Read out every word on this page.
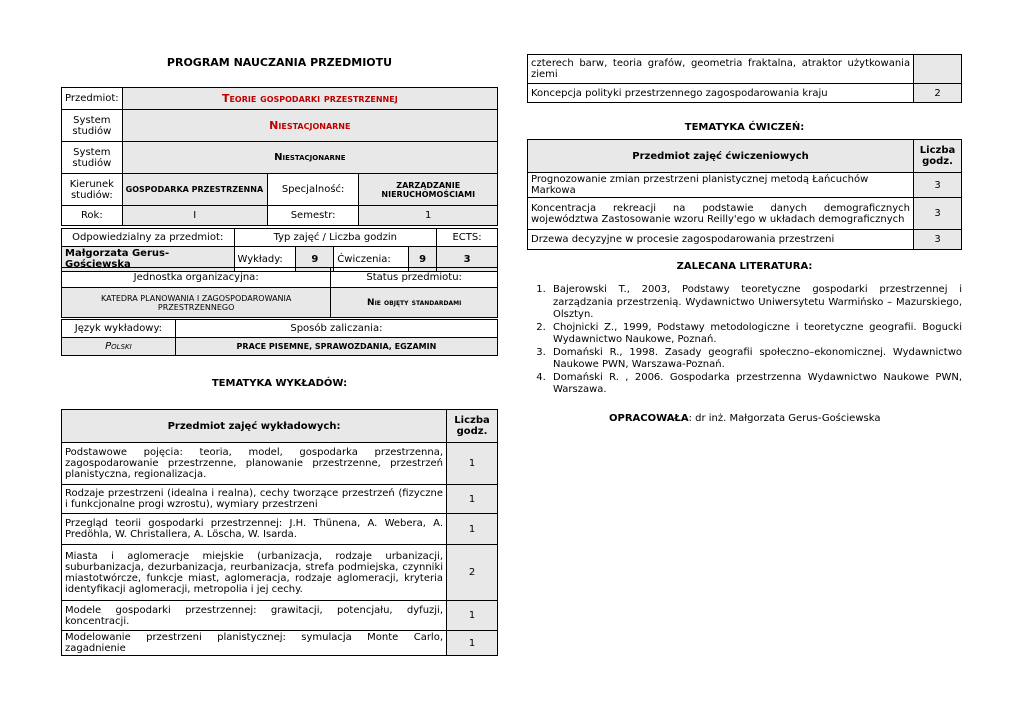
PROGRAM NAUCZANIA PRZEDMIOTU
Przedmiot:	Teorie gospodarki przestrzennej		
System studiów	Niestacjonarne		
System studiów	Niestacjonarne		
Kierunek studiów:	GOSPODARKA PRZESTRZENNA	Specjalność:	ZARZĄDZANIE NIERUCHOMOŚCIAMI
Rok:	I	Semestr:	1
Odpowiedzialny za przedmiot:	Typ zajęć / Liczba godzin				ECTS:
Małgorzata Gerus-Gościewska	Wykłady:	9	Ćwiczenia:	9	3
Jednostka organizacyjna:	Status przedmiotu:
KATEDRA PLANOWANIA I ZAGOSPODAROWANIA PRZESTRZENNEGO	Nie objęty standardami
Język wykładowy:	Sposób zaliczania:
Polski	PRACE PISEMNE, SPRAWOZDANIA, EGZAMIN
TEMATYKA WYKŁADÓW:
Przedmiot zajęć wykładowych:	Liczba godz.
Podstawowe pojęcia: teoria, model, gospodarka przestrzenna, zagospodarowanie przestrzenne, planowanie przestrzenne, przestrzeń planistyczna, regionalizacja.	1
Rodzaje przestrzeni (idealna i realna), cechy tworzące przestrzeń (fizyczne i funkcjonalne progi wzrostu), wymiary przestrzeni	1
Przegląd teorii gospodarki przestrzennej: J.H. Thünena, A. Webera, A. Predöhla, W. Christallera, A. Löscha, W. Isarda.	1
Miasta i aglomeracje miejskie (urbanizacja, rodzaje urbanizacji, suburbanizacja, dezurbanizacja, reurbanizacja, strefa podmiejska, czynniki miastotwórcze, funkcje miast, aglomeracja, rodzaje aglomeracji, kryteria identyfikacji aglomeracji, metropolia i jej cechy.	2
Modele gospodarki przestrzennej: grawitacji, potencjału, dyfuzji, koncentracji.	1
Modelowanie przestrzeni planistycznej: symulacja Monte Carlo, zagadnienie	1
czterech barw, teoria grafów, geometria fraktalna, atraktor użytkowania ziemi	
Koncepcja polityki przestrzennego zagospodarowania kraju	2
TEMATYKA ĆWICZEŃ:
Przedmiot zajęć ćwiczeniowych	Liczba godz.
Prognozowanie zmian przestrzeni planistycznej metodą Łańcuchów Markowa	3
Koncentracja rekreacji na podstawie danych demograficznych województwa Zastosowanie wzoru Reilly'ego w układach demograficznych	3
Drzewa decyzyjne w procesie zagospodarowania przestrzeni	3
ZALECANA LITERATURA:
1. Bajerowski T., 2003, Podstawy teoretyczne gospodarki przestrzennej i zarządzania przestrzenią. Wydawnictwo Uniwersytetu Warmińsko – Mazurskiego, Olsztyn.
2. Chojnicki Z., 1999, Podstawy metodologiczne i teoretyczne geografii. Bogucki Wydawnictwo Naukowe, Poznań.
3. Domański R., 1998. Zasady geografii społeczno–ekonomicznej. Wydawnictwo Naukowe PWN, Warszawa-Poznań.
4. Domański R. , 2006. Gospodarka przestrzenna Wydawnictwo Naukowe PWN, Warszawa.
OPRACOWAŁA: dr inż. Małgorzata Gerus-Gościewska
